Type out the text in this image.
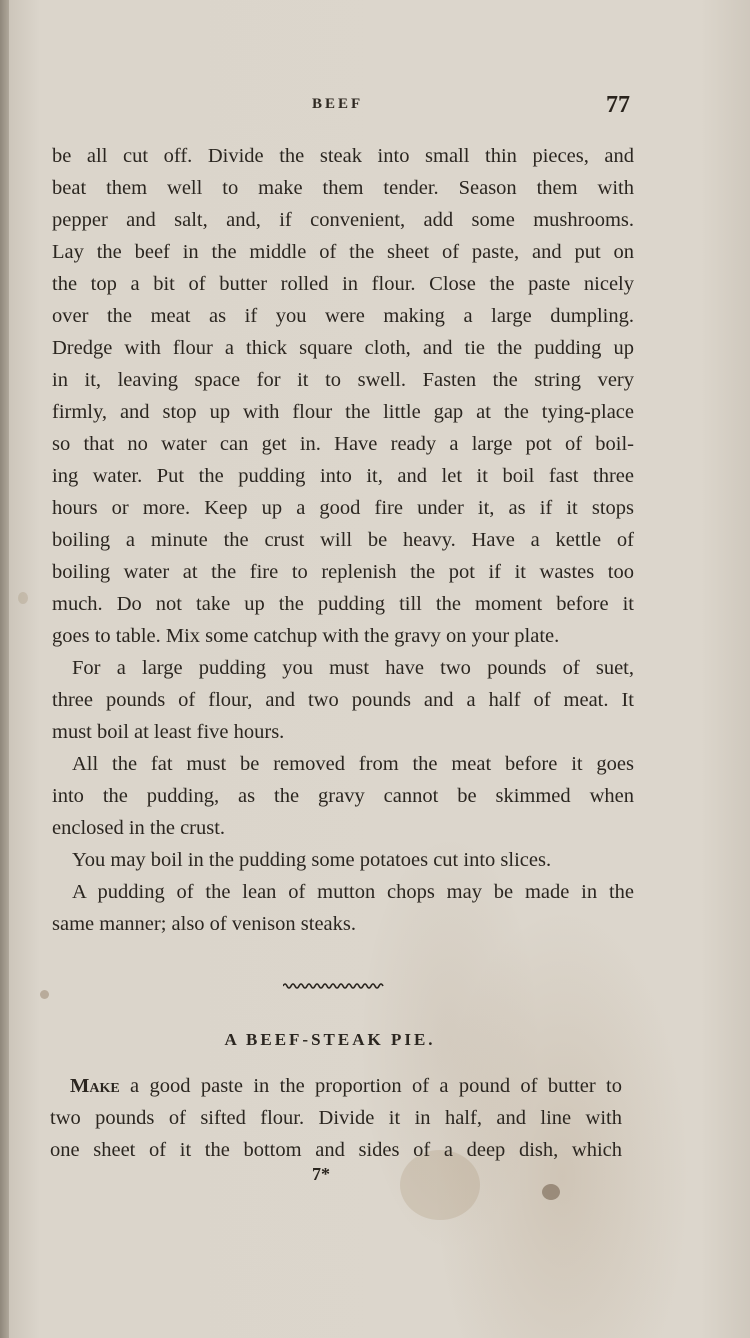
BEEF	77
be all cut off. Divide the steak into small thin pieces, and
beat them well to make them tender. Season them with
pepper and salt, and, if convenient, add some mushrooms.
Lay the beef in the middle of the sheet of paste, and put on
the top a bit of butter rolled in flour. Close the paste nicely
over the meat as if you were making a large dumpling.
Dredge with flour a thick square cloth, and tie the pudding up
in it, leaving space for it to swell. Fasten the string very
firmly, and stop up with flour the little gap at the tying-place
so that no water can get in. Have ready a large pot of boil-
ing water. Put the pudding into it, and let it boil fast three
hours or more. Keep up a good fire under it, as if it stops
boiling a minute the crust will be heavy. Have a kettle of
boiling water at the fire to replenish the pot if it wastes too
much. Do not take up the pudding till the moment before it
goes to table. Mix some catchup with the gravy on your plate.
For a large pudding you must have two pounds of suet,
three pounds of flour, and two pounds and a half of meat. It
must boil at least five hours.
All the fat must be removed from the meat before it goes
into the pudding, as the gravy cannot be skimmed when
enclosed in the crust.
You may boil in the pudding some potatoes cut into slices.
A pudding of the lean of mutton chops may be made in the
same manner; also of venison steaks.
A BEEF-STEAK PIE.
Make a good paste in the proportion of a pound of butter to
two pounds of sifted flour. Divide it in half, and line with
one sheet of it the bottom and sides of a deep dish, which
7*
